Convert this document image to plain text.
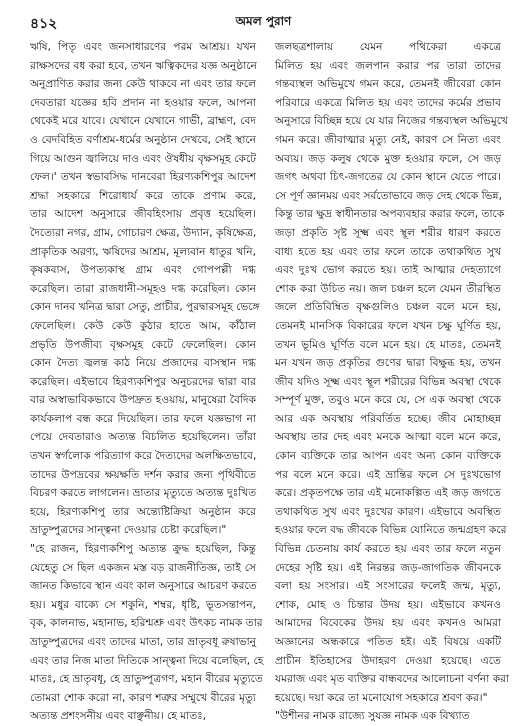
৪১২	অমল পুরাণ
ঋষি, পিতৃ এবং জনসাধারণের পরম আশ্রয়। যখন
রাক্ষসদের বধ করা হবে, তখন ঋত্বিকদের যজ্ঞ অনুষ্ঠানে
অনুপ্রাণিত করার জন্য কেউ থাকবে না এবং তার ফলে
দেবতারা যজ্ঞের হবি প্রদান না হওয়ার ফলে, আপনা
থেকেই মরে যাবে। যেখানে যেখানে গাভী, ব্রাহ্মণ, বেদ
ও বেদবিহিত বর্ণাশ্রম-ধর্মের অনুষ্ঠান দেখবে, সেই স্থানে
গিয়ে আগুন জ্বালিয়ে দাও এবং ঔষধীয় বৃক্ষসমূহ কেটে
ফেল।' তখন স্বভাবসিদ্ধ দানবেরা হিরণ্যকশিপুর আদেশ
শ্রদ্ধা সহকারে শিরোধার্য করে তাকে প্রণাম করে,
তার আদেশ অনুসারে জীবহিংসায় প্রবৃত্ত হয়েছিল।
দৈত্যেরা নগর, গ্রাম, গোচারণ ক্ষেত্র, উদ্যান, কৃষিক্ষেত্র,
প্রাকৃতিক অরণ্য, ঋষিদের আশ্রম, মূল্যবান ধাতুর খনি,
কৃষকবাস, উপত্যকাস্থ গ্রাম এবং গোপপল্লী দগ্ধ
করেছিল। তারা রাজধানী-সমূহও দগ্ধ করেছিল। কোন
কোন দানব খনিত্র দ্বারা সেতু, প্রাচীর, পুরদ্বারসমূহ ভেঙ্গে
ফেলেছিল। কেউ কেউ কুঠার হাতে আম, কাঁঠাল
প্রভৃতি উপজীব্য বৃক্ষসমূহ কেটে ফেলেছিল। কোন
কোন দৈত্য জ্বলন্ত কাঠ নিয়ে প্রজাদের বাসস্থান দগ্ধ
করেছিল। এইভাবে হিরণ্যকশিপুর অনুচরদের দ্বারা বার
বার অস্বাভাবিকভাবে উপদ্রুত হওয়ায়, মানুষেরা বৈদিক
কার্যকলাপ বন্ধ করে দিয়েছিল। তার ফলে যজ্ঞভাগ না
পেয়ে দেবতারাও অত্যন্ত বিচলিত হয়েছিলেন। তাঁরা
তখন স্বর্গলোক পরিত্যাগ করে দৈত্যদের অলক্ষিতভাবে,
তাদের উপদ্রবের ক্ষয়ক্ষতি দর্শন করার জন্য পৃথিবীতে
বিচরণ করতে লাগলেন। ভ্রাতার মৃত্যুতে অত্যন্ত দুঃখিত
হয়ে, হিরণ্যকশিপু তার অন্ত্যেষ্টিক্রিয়া অনুষ্ঠান করে
ভ্রাতুষ্পুত্রদের সান্ত্বনা দেওয়ার চেষ্টা করেছিল।"
"হে রাজন, হিরণ্যকশিপু অত্যন্ত ক্রুদ্ধ হয়েছিল, কিন্তু
যেহেতু সে ছিল একজন মস্ত বড় রাজনীতিজ্ঞ, তাই সে
জানত কিভাবে স্থান এবং কাল অনুসারে আচরণ করতে
হয়। মধুর বাক্যে সে শকুনি, শম্বর, ধৃষ্টি, ভূতসন্তাপন,
বৃক, কালনাভ, মহানাভ, হরিশ্মশ্রু এবং উৎকচ নামক তার
ভ্রাতুষ্পুত্রদের এবং তাদের মাতা, তার ভ্রাতৃবধূ রুষাভানু
এবং তার নিজ মাতা দিতিকে সান্ত্বনা দিয়ে বলেছিল, হে
মাতঃ, হে ভ্রাতৃবধূ, হে ভ্রাতুষ্পুত্রগণ, মহান বীরের মৃত্যুতে
তোমরা শোক করো না, কারণ শত্রুর সম্মুখে বীরের মৃত্যু
অত্যন্ত প্রশংসনীয় এবং বাঞ্ছনীয়। হে মাতঃ,
জলছত্রশালায় যেমন পথিকেরা একত্রে
মিলিত হয় এবং জলপান করার পর তারা তাদের
গন্তব্যস্থল অভিমুখে গমন করে, তেমনই জীবেরা কোন
পরিবারে একত্রে মিলিত হয় এবং তাদের কর্মের প্রভাব
অনুসারে বিচ্ছিন্ন হয়ে যে যার নিজের গন্তব্যস্থল অভিমুখে
গমন করে। জীবাত্মার মৃত্যু নেই, কারণ সে নিত্য এবং
অব্যয়। জড় কলুষ থেকে মুক্ত হওয়ার ফলে, সে জড়
জগৎ অথবা চিৎ-জগতের যে কোন স্থানে যেতে পারে।
সে পূর্ণ জ্ঞানময় এবং সর্বতোভাবে জড় দেহ থেকে ভিন্ন,
কিন্তু তার ক্ষুদ্র স্বাধীনতার অপব্যবহার করার ফলে, তাকে
জড়া প্রকৃতি সৃষ্ট সূক্ষ্ম এবং স্থূল শরীর ধারণ করতে
বাধ্য হতে হয় এবং তার ফলে তাকে তথাকথিত সুখ
এবং দুঃখ ভোগ করতে হয়। তাই আত্মার দেহত্যাগে
শোক করা উচিত নয়। জল চঞ্চল হলে যেমন তীরস্থিত
জলে প্রতিবিম্বিত বৃক্ষগুলিও চঞ্চল বলে মনে হয়,
তেমনই মানসিক বিকারের ফলে যখন চক্ষু ঘূর্ণিত হয়,
তখন ভূমিও ঘূর্ণিত বলে মনে হয়। হে মাতঃ, তেমনই
মন যখন জড় প্রকৃতির গুণের দ্বারা বিক্ষুব্ধ হয়, তখন
জীব যদিও সূক্ষ্ম এবং স্থূল শরীরের বিভিন্ন অবস্থা থেকে
সম্পূর্ণ মুক্ত, তবুও মনে করে যে, সে এক অবস্থা থেকে
আর এক অবস্থায় পরিবর্তিত হচ্ছে। জীব মোহাচ্ছন্ন
অবস্থায় তার দেহ এবং মনকে আত্মা বলে মনে করে,
কোন ব্যক্তিকে তার আপন এবং অন্য কোন ব্যক্তিকে
পর বলে মনে করে। এই ভ্রান্তির ফলে সে দুঃখভোগ
করে। প্রকৃতপক্ষে তার এই মনোকল্পিত এই জড় জগতে
তথাকথিত সুখ এবং দুঃখের কারণ। এইভাবে অবস্থিত
হওয়ার ফলে বদ্ধ জীবকে বিভিন্ন যোনিতে জন্মগ্রহণ করে
বিভিন্ন চেতনায় কার্য করতে হয় এবং তার ফলে নতুন
দেহের সৃষ্টি হয়। এই নিরন্তর জড়-জাগতিক জীবনকে
বলা হয় সংসার। এই সংসারের ফলেই জন্ম, মৃত্যু,
শোক, মোহ ও চিন্তার উদয় হয়। এইভাবে কখনও
আমাদের বিবেকের উদয় হয় এবং কখনও আমরা
অজ্ঞানের অন্ধকারে পতিত হই। এই বিষয়ে একটি
প্রাচীন ইতিহাসের উদাহরণ দেওয়া হয়েছে। এতে
যমরাজ এবং মৃত ব্যক্তির বান্ধবদের আলোচনা বর্ণনা করা
হয়েছে। দয়া করে তা মনোযোগ সহকারে শ্রবণ কর।"
"উশীনর নামক রাজ্যে সুযজ্ঞ নামক এক বিখ্যাত
